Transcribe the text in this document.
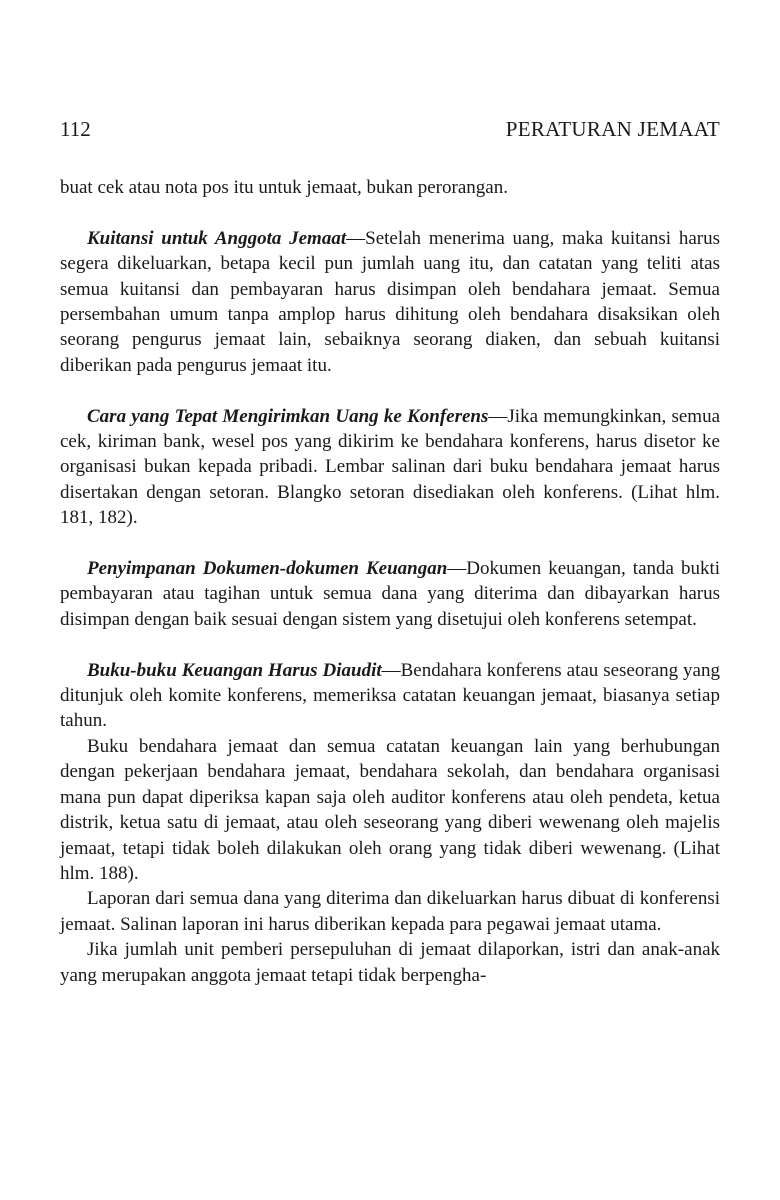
112	PERATURAN JEMAAT

buat cek atau nota pos itu untuk jemaat, bukan perorangan.

Kuitansi untuk Anggota Jemaat—Setelah menerima uang, maka kuitansi harus segera dikeluarkan, betapa kecil pun jumlah uang itu, dan catatan yang teliti atas semua kuitansi dan pembayaran harus disimpan oleh bendahara jemaat. Semua persembahan umum tanpa amplop harus dihitung oleh bendahara disaksikan oleh seorang pengurus jemaat lain, sebaiknya seorang diaken, dan sebuah kuitansi diberikan pada pengurus jemaat itu.

Cara yang Tepat Mengirimkan Uang ke Konferens—Jika memungkinkan, semua cek, kiriman bank, wesel pos yang dikirim ke bendahara konferens, harus disetor ke organisasi bukan kepada pribadi. Lembar salinan dari buku bendahara jemaat harus disertakan dengan setoran. Blangko setoran disediakan oleh konferens. (Lihat hlm. 181, 182).

Penyimpanan Dokumen-dokumen Keuangan—Dokumen keuangan, tanda bukti pembayaran atau tagihan untuk semua dana yang diterima dan dibayarkan harus disimpan dengan baik sesuai dengan sistem yang disetujui oleh konferens setempat.

Buku-buku Keuangan Harus Diaudit—Bendahara konferens atau seseorang yang ditunjuk oleh komite konferens, memeriksa catatan keuangan jemaat, biasanya setiap tahun.

Buku bendahara jemaat dan semua catatan keuangan lain yang berhubungan dengan pekerjaan bendahara jemaat, bendahara sekolah, dan bendahara organisasi mana pun dapat diperiksa kapan saja oleh auditor konferens atau oleh pendeta, ketua distrik, ketua satu di jemaat, atau oleh seseorang yang diberi wewenang oleh majelis jemaat, tetapi tidak boleh dilakukan oleh orang yang tidak diberi wewenang. (Lihat hlm. 188).

Laporan dari semua dana yang diterima dan dikeluarkan harus dibuat di konferensi jemaat. Salinan laporan ini harus diberikan kepada para pegawai jemaat utama.

Jika jumlah unit pemberi persepuluhan di jemaat dilaporkan, istri dan anak-anak yang merupakan anggota jemaat tetapi tidak berpengha-
